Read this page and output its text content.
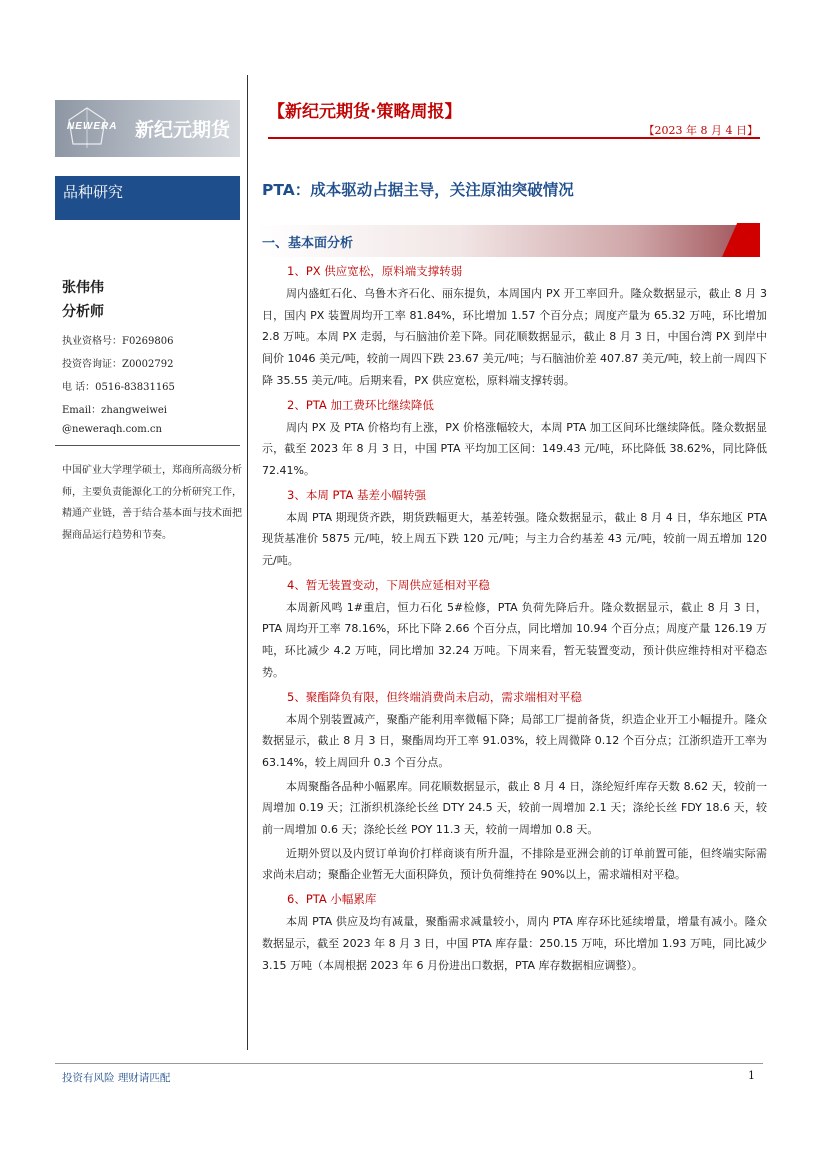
NEWERA 新纪元期货
【新纪元期货·策略周报】
【2023 年 8 月 4 日】
品种研究
张伟伟
分析师
执业资格号：F0269806
投资咨询证：Z0002792
电 话：0516-83831165
Email：zhangweiwei
@neweraqh.com.cn
中国矿业大学理学硕士，郑商所高级分析师，主要负责能源化工的分析研究工作，精通产业链，善于结合基本面与技术面把握商品运行趋势和节奏。
PTA：成本驱动占据主导，关注原油突破情况
一、基本面分析
1、PX 供应宽松，原料端支撑转弱

周内盛虹石化、乌鲁木齐石化、丽东提负，本周国内 PX 开工率回升。隆众数据显示，截止 8 月 3 日，国内 PX 装置周均开工率 81.84%，环比增加 1.57 个百分点；周度产量为 65.32 万吨，环比增加 2.8 万吨。本周 PX 走弱，与石脑油价差下降。同花顺数据显示，截止 8 月 3 日，中国台湾 PX 到岸中间价 1046 美元/吨，较前一周四下跌 23.67 美元/吨；与石脑油价差 407.87 美元/吨，较上前一周四下降 35.55 美元/吨。后期来看，PX 供应宽松，原料端支撑转弱。

2、PTA 加工费环比继续降低

周内 PX 及 PTA 价格均有上涨，PX 价格涨幅较大，本周 PTA 加工区间环比继续降低。隆众数据显示，截至 2023 年 8 月 3 日，中国 PTA 平均加工区间：149.43 元/吨，环比降低 38.62%，同比降低 72.41%。

3、本周 PTA 基差小幅转强

本周 PTA 期现货齐跌，期货跌幅更大，基差转强。隆众数据显示，截止 8 月 4 日，华东地区 PTA 现货基准价 5875 元/吨，较上周五下跌 120 元/吨；与主力合约基差 43 元/吨，较前一周五增加 120 元/吨。

4、暂无装置变动，下周供应延相对平稳

本周新风鸣 1#重启，恒力石化 5#检修，PTA 负荷先降后升。隆众数据显示，截止 8 月 3 日，PTA 周均开工率 78.16%，环比下降 2.66 个百分点，同比增加 10.94 个百分点；周度产量 126.19 万吨，环比减少 4.2 万吨，同比增加 32.24 万吨。下周来看，暂无装置变动，预计供应维持相对平稳态势。

5、聚酯降负有限，但终端消费尚未启动，需求端相对平稳

本周个别装置减产，聚酯产能利用率微幅下降；局部工厂提前备货，织造企业开工小幅提升。隆众数据显示，截止 8 月 3 日，聚酯周均开工率 91.03%，较上周微降 0.12 个百分点；江浙织造开工率为 63.14%，较上周回升 0.3 个百分点。

本周聚酯各品种小幅累库。同花顺数据显示，截止 8 月 4 日，涤纶短纤库存天数 8.62 天，较前一周增加 0.19 天；江浙织机涤纶长丝 DTY 24.5 天，较前一周增加 2.1 天；涤纶长丝 FDY 18.6 天，较前一周增加 0.6 天；涤纶长丝 POY 11.3 天，较前一周增加 0.8 天。

近期外贸以及内贸订单询价打样商谈有所升温，不排除是亚洲会前的订单前置可能，但终端实际需求尚未启动；聚酯企业暂无大面积降负，预计负荷维持在 90%以上，需求端相对平稳。

6、PTA 小幅累库

本周 PTA 供应及均有减量，聚酯需求减量较小，周内 PTA 库存环比延续增量，增量有减小。隆众数据显示，截至 2023 年 8 月 3 日，中国 PTA 库存量：250.15 万吨，环比增加 1.93 万吨，同比减少 3.15 万吨（本周根据 2023 年 6 月份进出口数据，PTA 库存数据相应调整）。

投资有风险 理财请匹配	1
